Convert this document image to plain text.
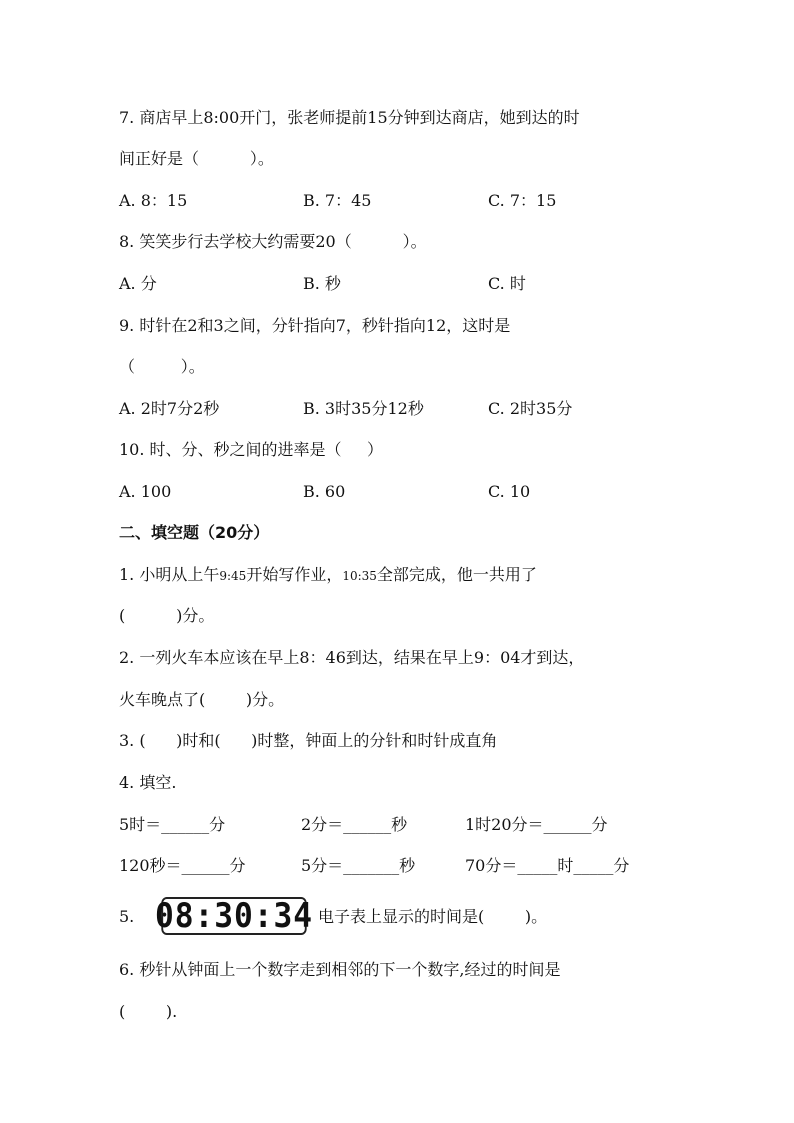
7. 商店早上8:00开门，张老师提前15分钟到达商店，她到达的时
间正好是（          ）。
A. 8：15	B. 7：45	C. 7：15
8. 笑笑步行去学校大约需要20（          ）。
A. 分	B. 秒	C. 时
9. 时针在2和3之间，分针指向7，秒针指向12，这时是
（         ）。
A. 2时7分2秒	B. 3时35分12秒	C. 2时35分
10. 时、分、秒之间的进率是（     ）
A. 100	B. 60	C. 10
二、填空题（20分）
1. 小明从上午9:45开始写作业，10:35全部完成，他一共用了
(          )分。
2. 一列火车本应该在早上8：46到达，结果在早上9：04才到达，
火车晚点了(        )分。
3. (      )时和(      )时整，钟面上的分针和时针成直角
4. 填空.
5时＝______分	2分＝______秒	1时20分＝______分
120秒＝______分	5分＝_______秒	70分＝_____时_____分
5. 08:30:34 电子表上显示的时间是(        )。
6. 秒针从钟面上一个数字走到相邻的下一个数字,经过的时间是
(        ).
